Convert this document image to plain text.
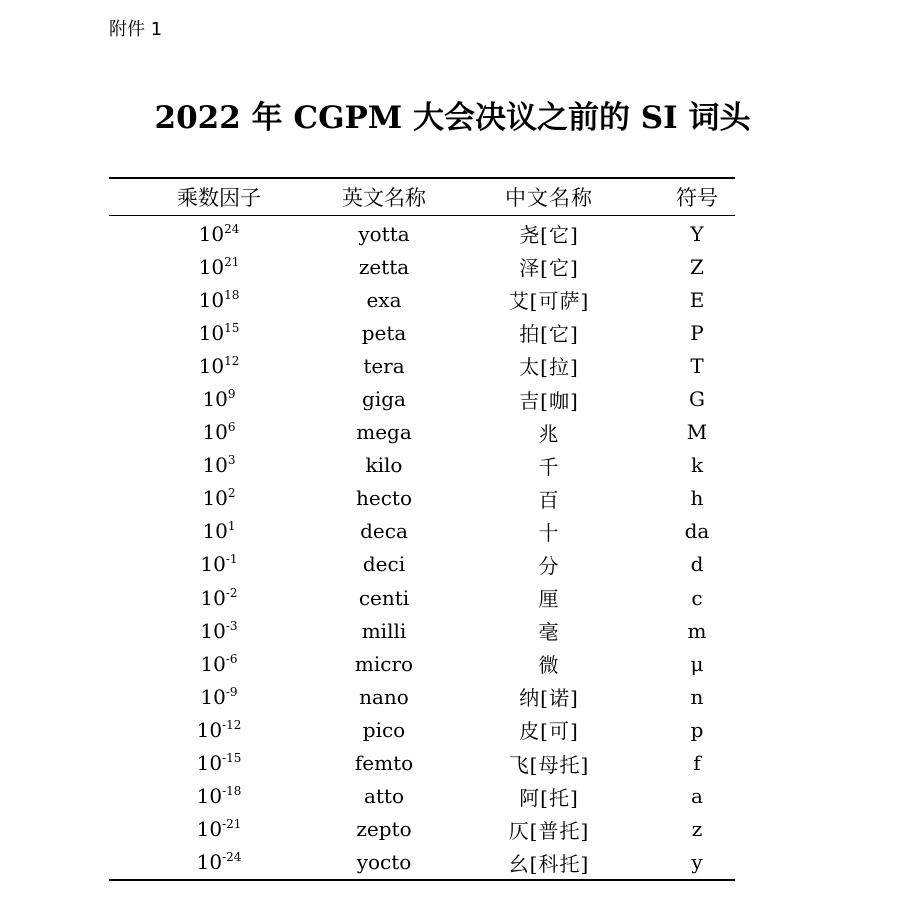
附件 1
2022 年 CGPM 大会决议之前的 SI 词头
乘数因子	英文名称	中文名称	符号
$10^{24}$	yotta	尧[它]	Y
$10^{21}$	zetta	泽[它]	Z
$10^{18}$	exa	艾[可萨]	E
$10^{15}$	peta	拍[它]	P
$10^{12}$	tera	太[拉]	T
$10^9$	giga	吉[咖]	G
$10^6$	mega	兆	M
$10^3$	kilo	千	k
$10^2$	hecto	百	h
$10^1$	deca	十	da
$10^{-1}$	deci	分	d
$10^{-2}$	centi	厘	c
$10^{-3}$	milli	毫	m
$10^{-6}$	micro	微	μ
$10^{-9}$	nano	纳[诺]	n
$10^{-12}$	pico	皮[可]	p
$10^{-15}$	femto	飞[母托]	f
$10^{-18}$	atto	阿[托]	a
$10^{-21}$	zepto	仄[普托]	z
$10^{-24}$	yocto	幺[科托]	y
